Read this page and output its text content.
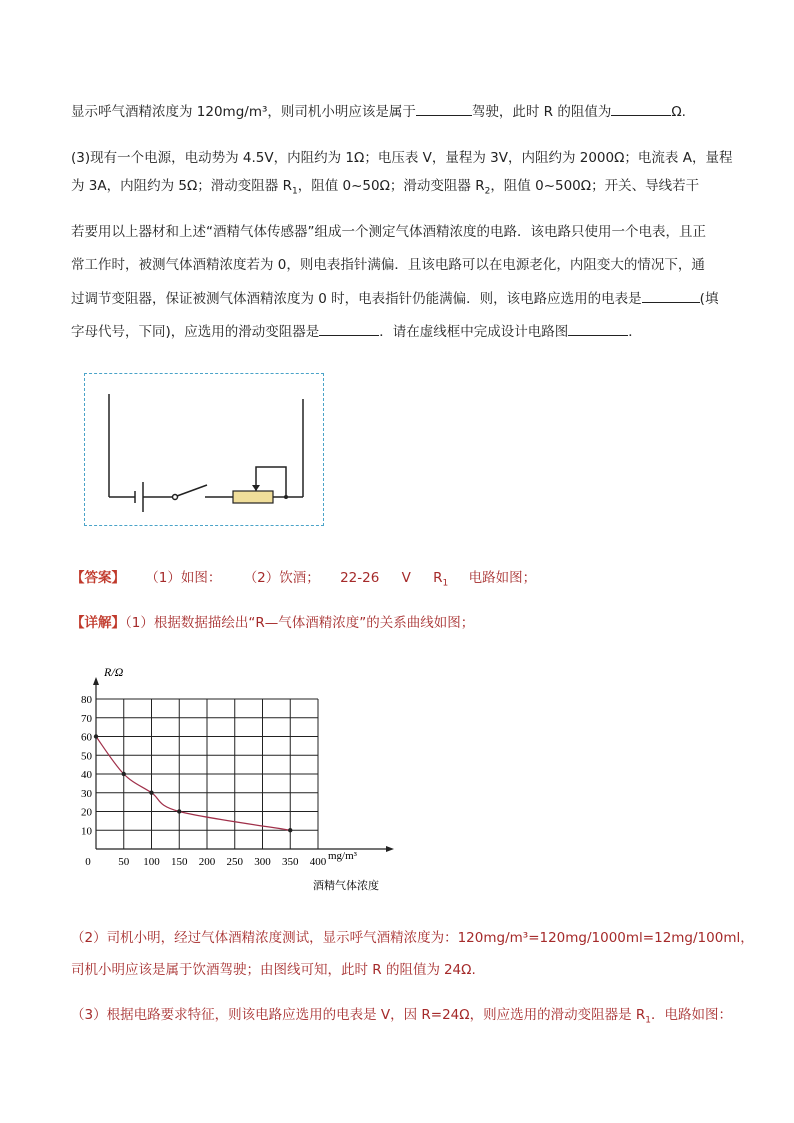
显示呼气酒精浓度为 120mg/m³，则司机小明应该是属于	驾驶，此时 R 的阻值为	Ω.
(3)现有一个电源，电动势为 4.5V，内阻约为 1Ω；电压表 V，量程为 3V，内阻约为 2000Ω；电流表 A，量程
为 3A，内阻约为 5Ω；滑动变阻器 $R_1$，阻值 0~50Ω；滑动变阻器 $R_2$，阻值 0~500Ω；开关、导线若干
若要用以上器材和上述“酒精气体传感器”组成一个测定气体酒精浓度的电路．该电路只使用一个电表，且正
常工作时，被测气体酒精浓度若为 0，则电表指针满偏．且该电路可以在电源老化，内阻变大的情况下，通
过调节变阻器，保证被测气体酒精浓度为 0 时，电表指针仍能满偏．则，该电路应选用的电表是	(填
字母代号，下同)，应选用的滑动变阻器是	．请在虚线框中完成设计电路图	．
【答案】 （1）如图： （2）饮酒； 22-26 V $R_1$ 电路如图；
【详解】（1）根据数据描绘出“R—气体酒精浓度”的关系曲线如图；
10
20
30
40
50
60
70
80
0	50 100 150 200 250 300 350 400
R/Ω
mg/m³
酒精气体浓度
（2）司机小明，经过气体酒精浓度测试，显示呼气酒精浓度为：120mg/m³=120mg/1000ml=12mg/100ml，
司机小明应该是属于饮酒驾驶；由图线可知，此时 R 的阻值为 24Ω.
（3）根据电路要求特征，则该电路应选用的电表是 V，因 R=24Ω，则应选用的滑动变阻器是 $R_1$．电路如图：
